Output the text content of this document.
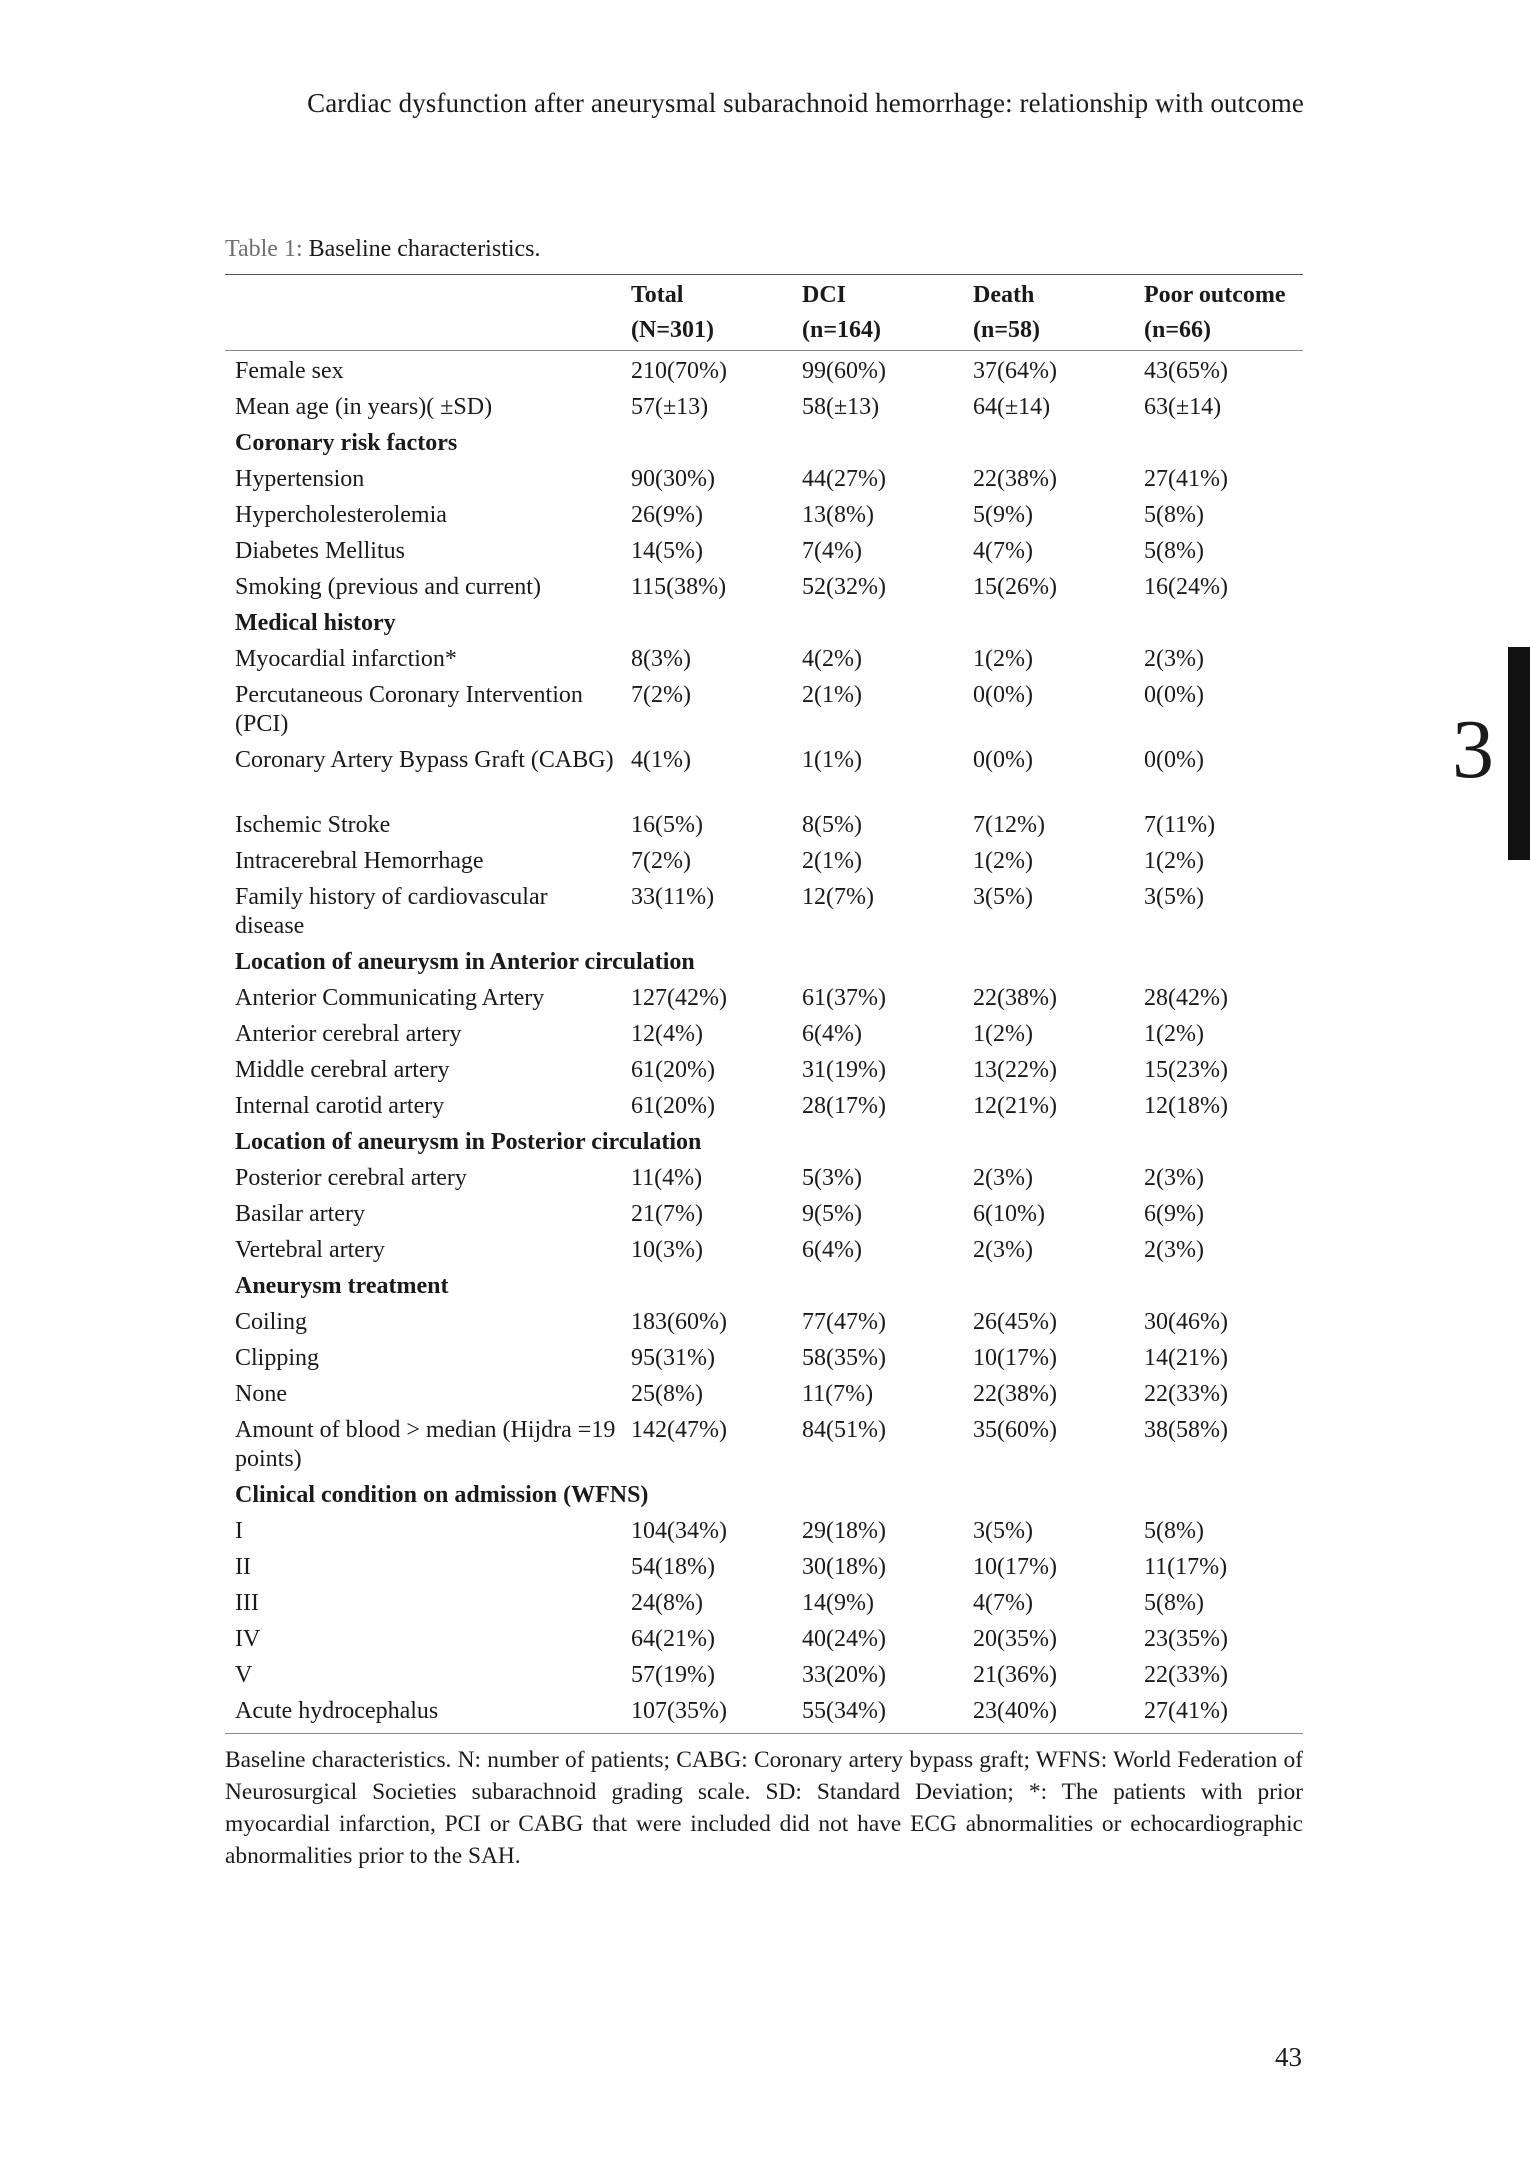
Cardiac dysfunction after aneurysmal subarachnoid hemorrhage: relationship with outcome
Table 1: Baseline characteristics.
	Total	DCI	Death	Poor outcome
	(N=301)	(n=164)	(n=58)	(n=66)
Female sex	210(70%)	99(60%)	37(64%)	43(65%)
Mean age (in years)( ±SD)	57(±13)	58(±13)	64(±14)	63(±14)
Coronary risk factors				
Hypertension	90(30%)	44(27%)	22(38%)	27(41%)
Hypercholesterolemia	26(9%)	13(8%)	5(9%)	5(8%)
Diabetes Mellitus	14(5%)	7(4%)	4(7%)	5(8%)
Smoking (previous and current)	115(38%)	52(32%)	15(26%)	16(24%)
Medical history				
Myocardial infarction*	8(3%)	4(2%)	1(2%)	2(3%)
Percutaneous Coronary Intervention (PCI)	7(2%)	2(1%)	0(0%)	0(0%)
Coronary Artery Bypass Graft (CABG)	4(1%)	1(1%)	0(0%)	0(0%)
Ischemic Stroke	16(5%)	8(5%)	7(12%)	7(11%)
Intracerebral Hemorrhage	7(2%)	2(1%)	1(2%)	1(2%)
Family history of cardiovascular disease	33(11%)	12(7%)	3(5%)	3(5%)
Location of aneurysm in Anterior circulation				
Anterior Communicating Artery	127(42%)	61(37%)	22(38%)	28(42%)
Anterior cerebral artery	12(4%)	6(4%)	1(2%)	1(2%)
Middle cerebral artery	61(20%)	31(19%)	13(22%)	15(23%)
Internal carotid artery	61(20%)	28(17%)	12(21%)	12(18%)
Location of aneurysm in Posterior circulation				
Posterior cerebral artery	11(4%)	5(3%)	2(3%)	2(3%)
Basilar artery	21(7%)	9(5%)	6(10%)	6(9%)
Vertebral artery	10(3%)	6(4%)	2(3%)	2(3%)
Aneurysm treatment				
Coiling	183(60%)	77(47%)	26(45%)	30(46%)
Clipping	95(31%)	58(35%)	10(17%)	14(21%)
None	25(8%)	11(7%)	22(38%)	22(33%)
Amount of blood > median (Hijdra =19 points)	142(47%)	84(51%)	35(60%)	38(58%)
Clinical condition on admission (WFNS)				
I	104(34%)	29(18%)	3(5%)	5(8%)
II	54(18%)	30(18%)	10(17%)	11(17%)
III	24(8%)	14(9%)	4(7%)	5(8%)
IV	64(21%)	40(24%)	20(35%)	23(35%)
V	57(19%)	33(20%)	21(36%)	22(33%)
Acute hydrocephalus	107(35%)	55(34%)	23(40%)	27(41%)
Baseline characteristics. N: number of patients; CABG: Coronary artery bypass graft; WFNS: World Federation of Neurosurgical Societies subarachnoid grading scale. SD: Standard Deviation; *: The patients with prior myocardial infarction, PCI or CABG that were included did not have ECG abnormalities or echocardiographic abnormalities prior to the SAH.
3
43
